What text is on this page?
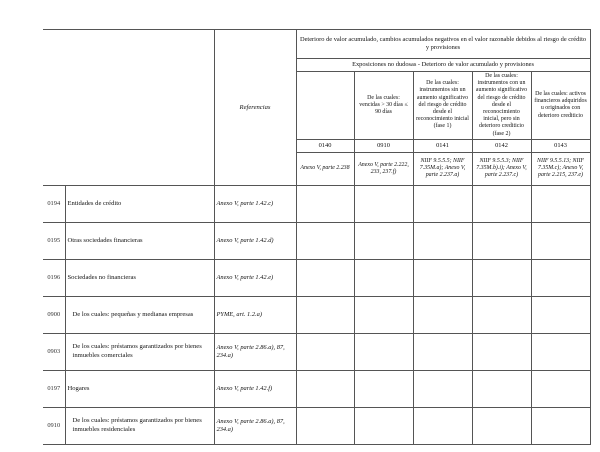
		Referencias	Deterioro de valor acumulado, cambios acumulados negativos en el valor razonable debidos al riesgo de crédito y provisiones				
			Exposiciones no dudosas - Deterioro de valor acumulado y provisiones				
				De las cuales: vencidas > 30 días ≤ 90 días	De las cuales: instrumentos sin un aumento significativo del riesgo de crédito desde el reconocimiento inicial (fase 1)	De las cuales: instrumentos con un aumento significativo del riesgo de crédito desde el reconocimiento inicial, pero sin deterioro crediticio (fase 2)	De las cuales: activos financieros adquiridos u originados con deterioro crediticio
			0140	0910	0141	0142	0143
			Anexo V, parte 2.238	Anexo V, parte 2.222, 233, 237.f)	NIIF 9.5.5.5; NIIF 7.35M.a); Anexo V, parte 2.237.a)	NIIF 9.5.5.3; NIIF 7.35M.b).i); Anexo V, parte 2.237.c)	NIIF 9.5.5.13; NIIF 7.35M.c); Anexo V, parte 2.215, 237.e)
0194	Entidades de crédito	Anexo V, parte 1.42.c)					
0195	Otras sociedades financieras	Anexo V, parte 1.42.d)					
0196	Sociedades no financieras	Anexo V, parte 1.42.e)					
0900	De los cuales: pequeñas y medianas empresas	PYME, art. 1.2.a)					
0903	De los cuales: préstamos garantizados por bienes inmuebles comerciales	Anexo V, parte 2.86.a), 87, 234.a)					
0197	Hogares	Anexo V, parte 1.42.f)					
0910	De los cuales: préstamos garantizados por bienes inmuebles residenciales	Anexo V, parte 2.86.a), 87, 234.a)					
